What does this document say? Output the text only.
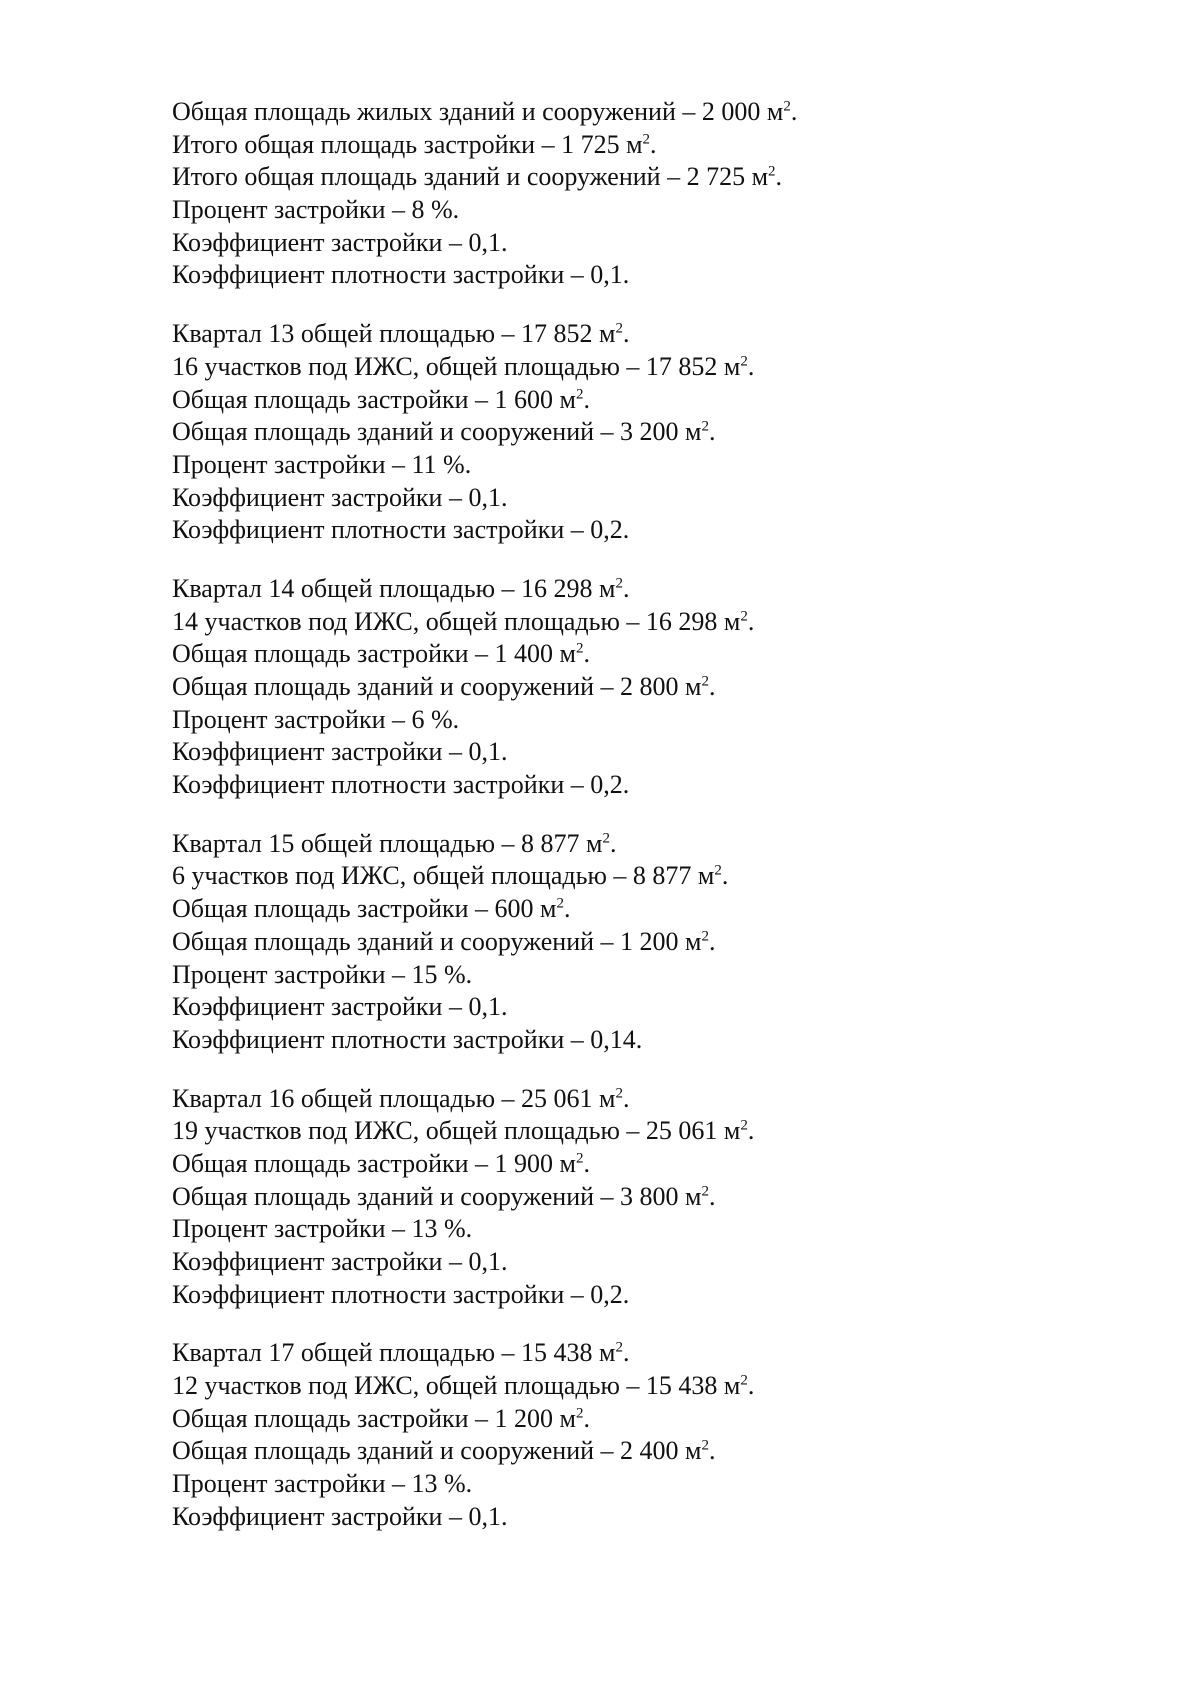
Общая площадь жилых зданий и сооружений – 2 000 $м^2$.
Итого общая площадь застройки – 1 725 $м^2$.
Итого общая площадь зданий и сооружений – 2 725 $м^2$.
Процент застройки – 8 %.
Коэффициент застройки – 0,1.
Коэффициент плотности застройки – 0,1.
Квартал 13 общей площадью – 17 852 $м^2$.
16 участков под ИЖС, общей площадью – 17 852 $м^2$.
Общая площадь застройки – 1 600 $м^2$.
Общая площадь зданий и сооружений – 3 200 $м^2$.
Процент застройки – 11 %.
Коэффициент застройки – 0,1.
Коэффициент плотности застройки – 0,2.
Квартал 14 общей площадью – 16 298 $м^2$.
14 участков под ИЖС, общей площадью – 16 298 $м^2$.
Общая площадь застройки – 1 400 $м^2$.
Общая площадь зданий и сооружений – 2 800 $м^2$.
Процент застройки – 6 %.
Коэффициент застройки – 0,1.
Коэффициент плотности застройки – 0,2.
Квартал 15 общей площадью – 8 877 $м^2$.
6 участков под ИЖС, общей площадью – 8 877 $м^2$.
Общая площадь застройки – 600 $м^2$.
Общая площадь зданий и сооружений – 1 200 $м^2$.
Процент застройки – 15 %.
Коэффициент застройки – 0,1.
Коэффициент плотности застройки – 0,14.
Квартал 16 общей площадью – 25 061 $м^2$.
19 участков под ИЖС, общей площадью – 25 061 $м^2$.
Общая площадь застройки – 1 900 $м^2$.
Общая площадь зданий и сооружений – 3 800 $м^2$.
Процент застройки – 13 %.
Коэффициент застройки – 0,1.
Коэффициент плотности застройки – 0,2.
Квартал 17 общей площадью – 15 438 $м^2$.
12 участков под ИЖС, общей площадью – 15 438 $м^2$.
Общая площадь застройки – 1 200 $м^2$.
Общая площадь зданий и сооружений – 2 400 $м^2$.
Процент застройки – 13 %.
Коэффициент застройки – 0,1.
